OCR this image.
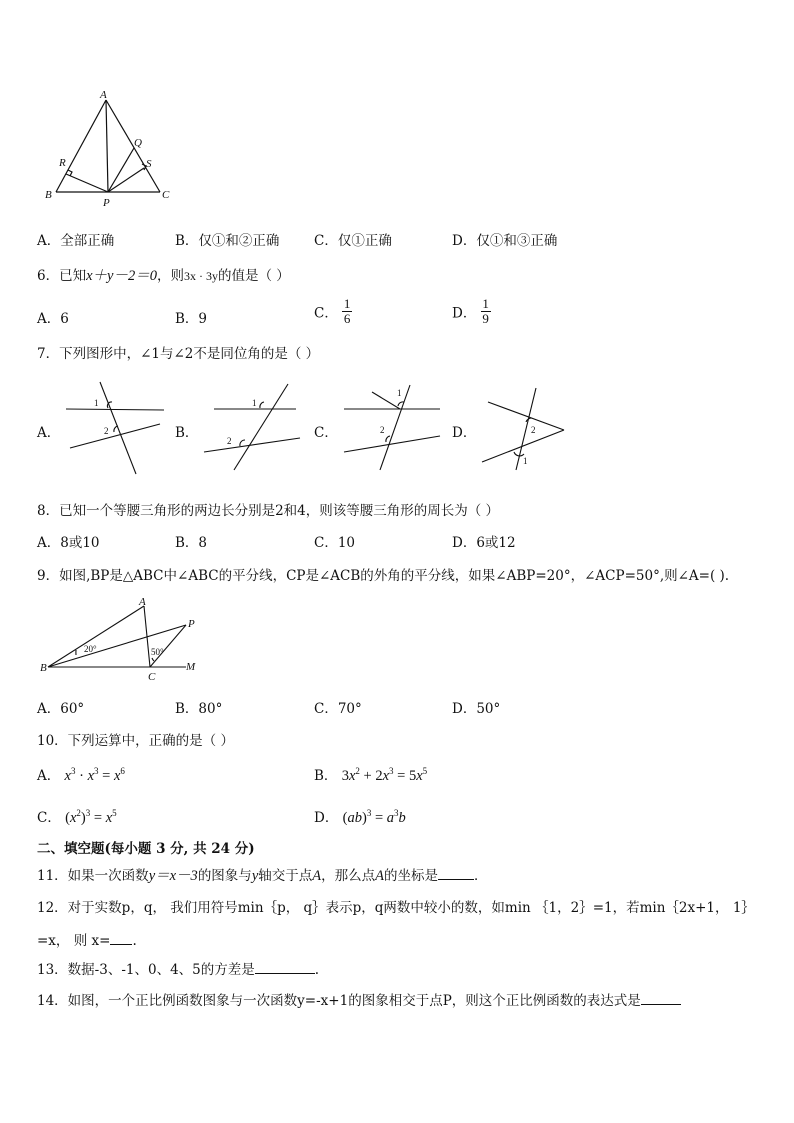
A
B	C
P
Q
R	S
A．全部正确	B．仅①和②正确	C．仅①正确	D．仅①和③正确
6．已知x＋y－2＝0，则3x · 3y的值是（ ）
A．6	B．9	C． $\frac{1}{6}$	D． $\frac{1}{9}$
7．下列图形中，∠1与∠2不是同位角的是（ ）
A．
1
2	B．
1
2	C．
1
2	D．	2
1
8．已知一个等腰三角形的两边长分别是2和4，则该等腰三角形的周长为（ ）
A．8或10	B．8	C．10	D．6或12
9．如图,BP是△ABC中∠ABC的平分线，CP是∠ACB的外角的平分线，如果∠ABP=20°，∠ACP=50°,则∠A=( ).
A
B
C
P
M
20°	50°
A．60°	B．80°	C．70°	D．50°
10．下列运算中，正确的是（ ）
A． $x^3 \cdot x^3 = x^6$	B． $3x^2 + 2x^3 = 5x^5$
C． $(x^2)^3 = x^5$	D． $(ab)^3 = a^3b$
二、填空题(每小题 3 分, 共 24 分)
11．如果一次函数y＝x－3的图象与y轴交于点A，那么点A的坐标是	．
12．对于实数p，q， 我们用符号min｛p， q｝表示p，q两数中较小的数，如min ｛1，2｝=1，若min｛2x+1， 1｝
=x， 则 x= .
13．数据-3、-1、0、4、5的方差是	.
14．如图，一个正比例函数图象与一次函数y=-x+1的图象相交于点P，则这个正比例函数的表达式是
